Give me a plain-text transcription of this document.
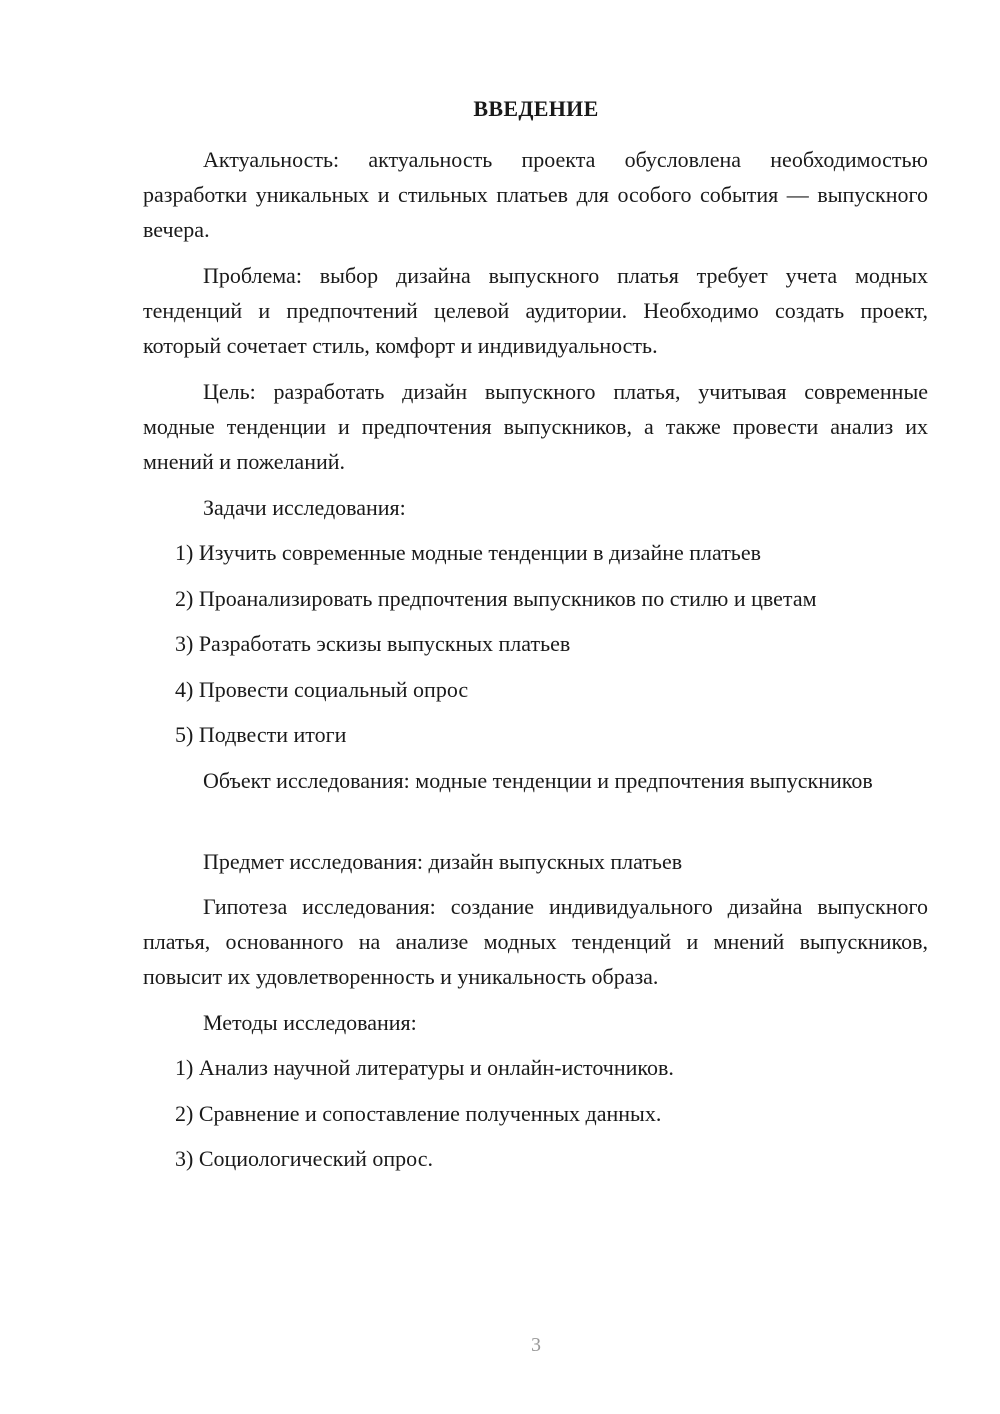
ВВЕДЕНИЕ

Актуальность: актуальность проекта обусловлена необходимостью разработки уникальных и стильных платьев для особого события — выпускного вечера.

Проблема: выбор дизайна выпускного платья требует учета модных тенденций и предпочтений целевой аудитории. Необходимо создать проект, который сочетает стиль, комфорт и индивидуальность.

Цель: разработать дизайн выпускного платья, учитывая современные модные тенденции и предпочтения выпускников, а также провести анализ их мнений и пожеланий.

Задачи исследования:

1) Изучить современные модные тенденции в дизайне платьев
2) Проанализировать предпочтения выпускников по стилю и цветам
3) Разработать эскизы выпускных платьев
4) Провести социальный опрос
5) Подвести итоги

Объект исследования: модные тенденции и предпочтения выпускников

Предмет исследования: дизайн выпускных платьев

Гипотеза исследования: создание индивидуального дизайна выпускного платья, основанного на анализе модных тенденций и мнений выпускников, повысит их удовлетворенность и уникальность образа.

Методы исследования:

1) Анализ научной литературы и онлайн-источников.
2) Сравнение и сопоставление полученных данных.
3) Социологический опрос.
3
